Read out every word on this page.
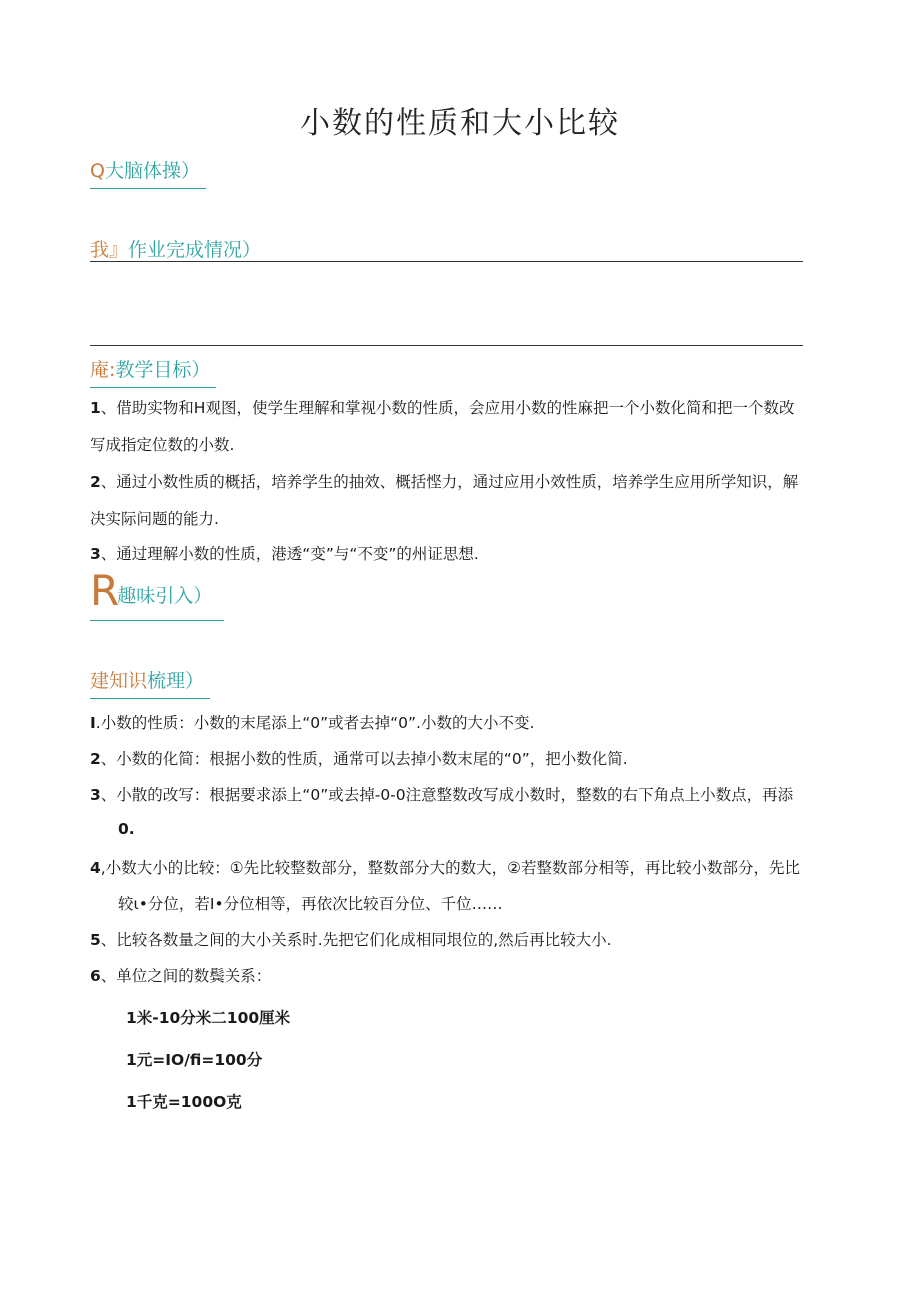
小数的性质和大小比较
Q大脑体操）
我』作业完成情况）
庵:教学目标）
1、借助实物和H观图，使学生理解和掌视小数的性质，会应用小数的性麻把一个小数化简和把一个数改
写成指定位数的小数.
2、通过小数性质的概括，培养学生的抽效、概括悭力，通过应用小效性质，培养学生应用所学知识，解
决实际问题的能力.
3、通过理解小数的性质，港透“变”与“不变”的州证思想.
R趣味引入）
建知识梳理）
I.小数的性质：小数的末尾添上“0”或者去掉“0”.小数的大小不变.
2、小数的化简：根据小数的性质，通常可以去掉小数末尾的“0”，把小数化简.
3、小散的改写：根据要求添上“0”或去掉-0-0注意整数改写成小数时，整数的右下角点上小数点，再添
0.
4,小数大小的比较：①先比较整数部分，整数部分大的数大，②若整数部分相等，再比较小数部分，先比
较ι•分位，若I•分位相等，再依次比较百分位、千位……
5、比较各数量之间的大小关系时.先把它们化成相同垠位的,然后再比较大小.
6、单位之间的数鬓关系：
1米-10分米二100厘米
1元=IO/fi=100分
1千克=100O克
